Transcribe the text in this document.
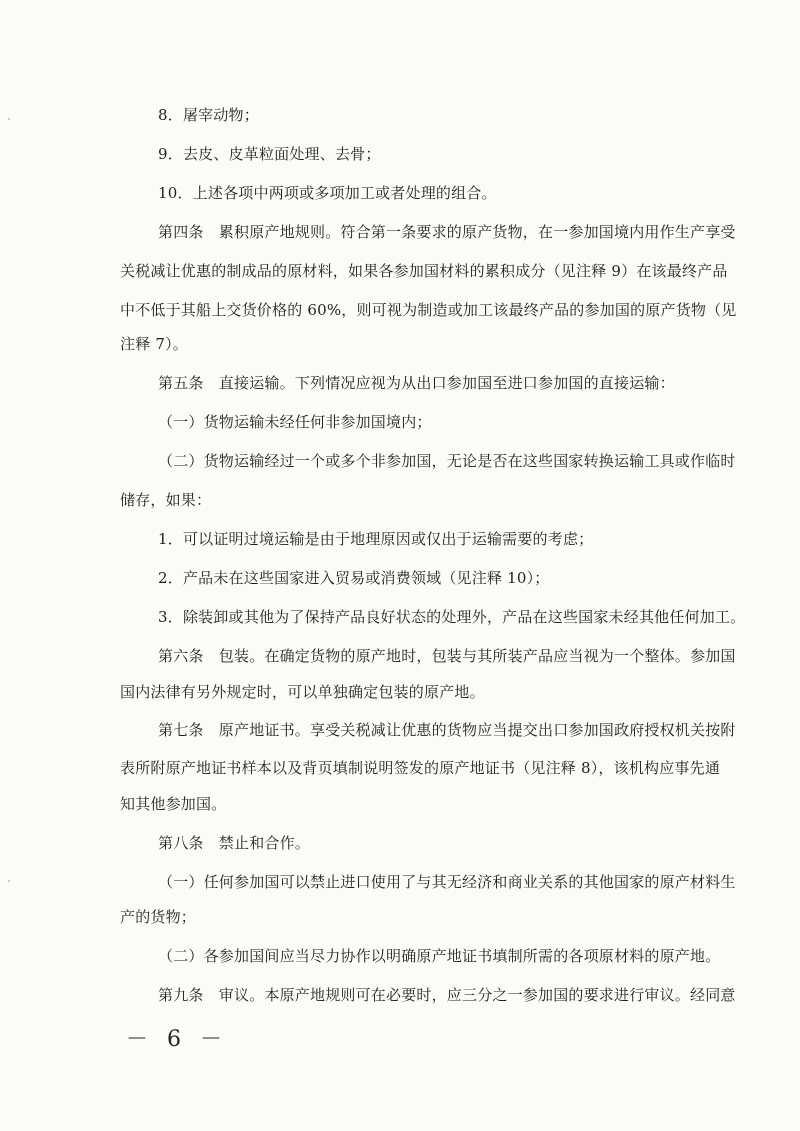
8．屠宰动物；
9．去皮、皮革粒面处理、去骨；
10．上述各项中两项或多项加工或者处理的组合。
第四条　累积原产地规则。符合第一条要求的原产货物，在一参加国境内用作生产享受
关税减让优惠的制成品的原材料，如果各参加国材料的累积成分（见注释 9）在该最终产品
中不低于其船上交货价格的 60%，则可视为制造或加工该最终产品的参加国的原产货物（见
注释 7）。
第五条　直接运输。下列情况应视为从出口参加国至进口参加国的直接运输：
（一）货物运输未经任何非参加国境内；
（二）货物运输经过一个或多个非参加国，无论是否在这些国家转换运输工具或作临时
储存，如果：
1．可以证明过境运输是由于地理原因或仅出于运输需要的考虑；
2．产品未在这些国家进入贸易或消费领域（见注释 10）；
3．除装卸或其他为了保持产品良好状态的处理外，产品在这些国家未经其他任何加工。
第六条　包装。在确定货物的原产地时，包装与其所装产品应当视为一个整体。参加国
国内法律有另外规定时，可以单独确定包装的原产地。
第七条　原产地证书。享受关税减让优惠的货物应当提交出口参加国政府授权机关按附
表所附原产地证书样本以及背页填制说明签发的原产地证书（见注释 8），该机构应事先通
知其他参加国。
第八条　禁止和合作。
（一）任何参加国可以禁止进口使用了与其无经济和商业关系的其他国家的原产材料生
产的货物；
（二）各参加国间应当尽力协作以明确原产地证书填制所需的各项原材料的原产地。
第九条　审议。本原产地规则可在必要时，应三分之一参加国的要求进行审议。经同意
－ 6 －
